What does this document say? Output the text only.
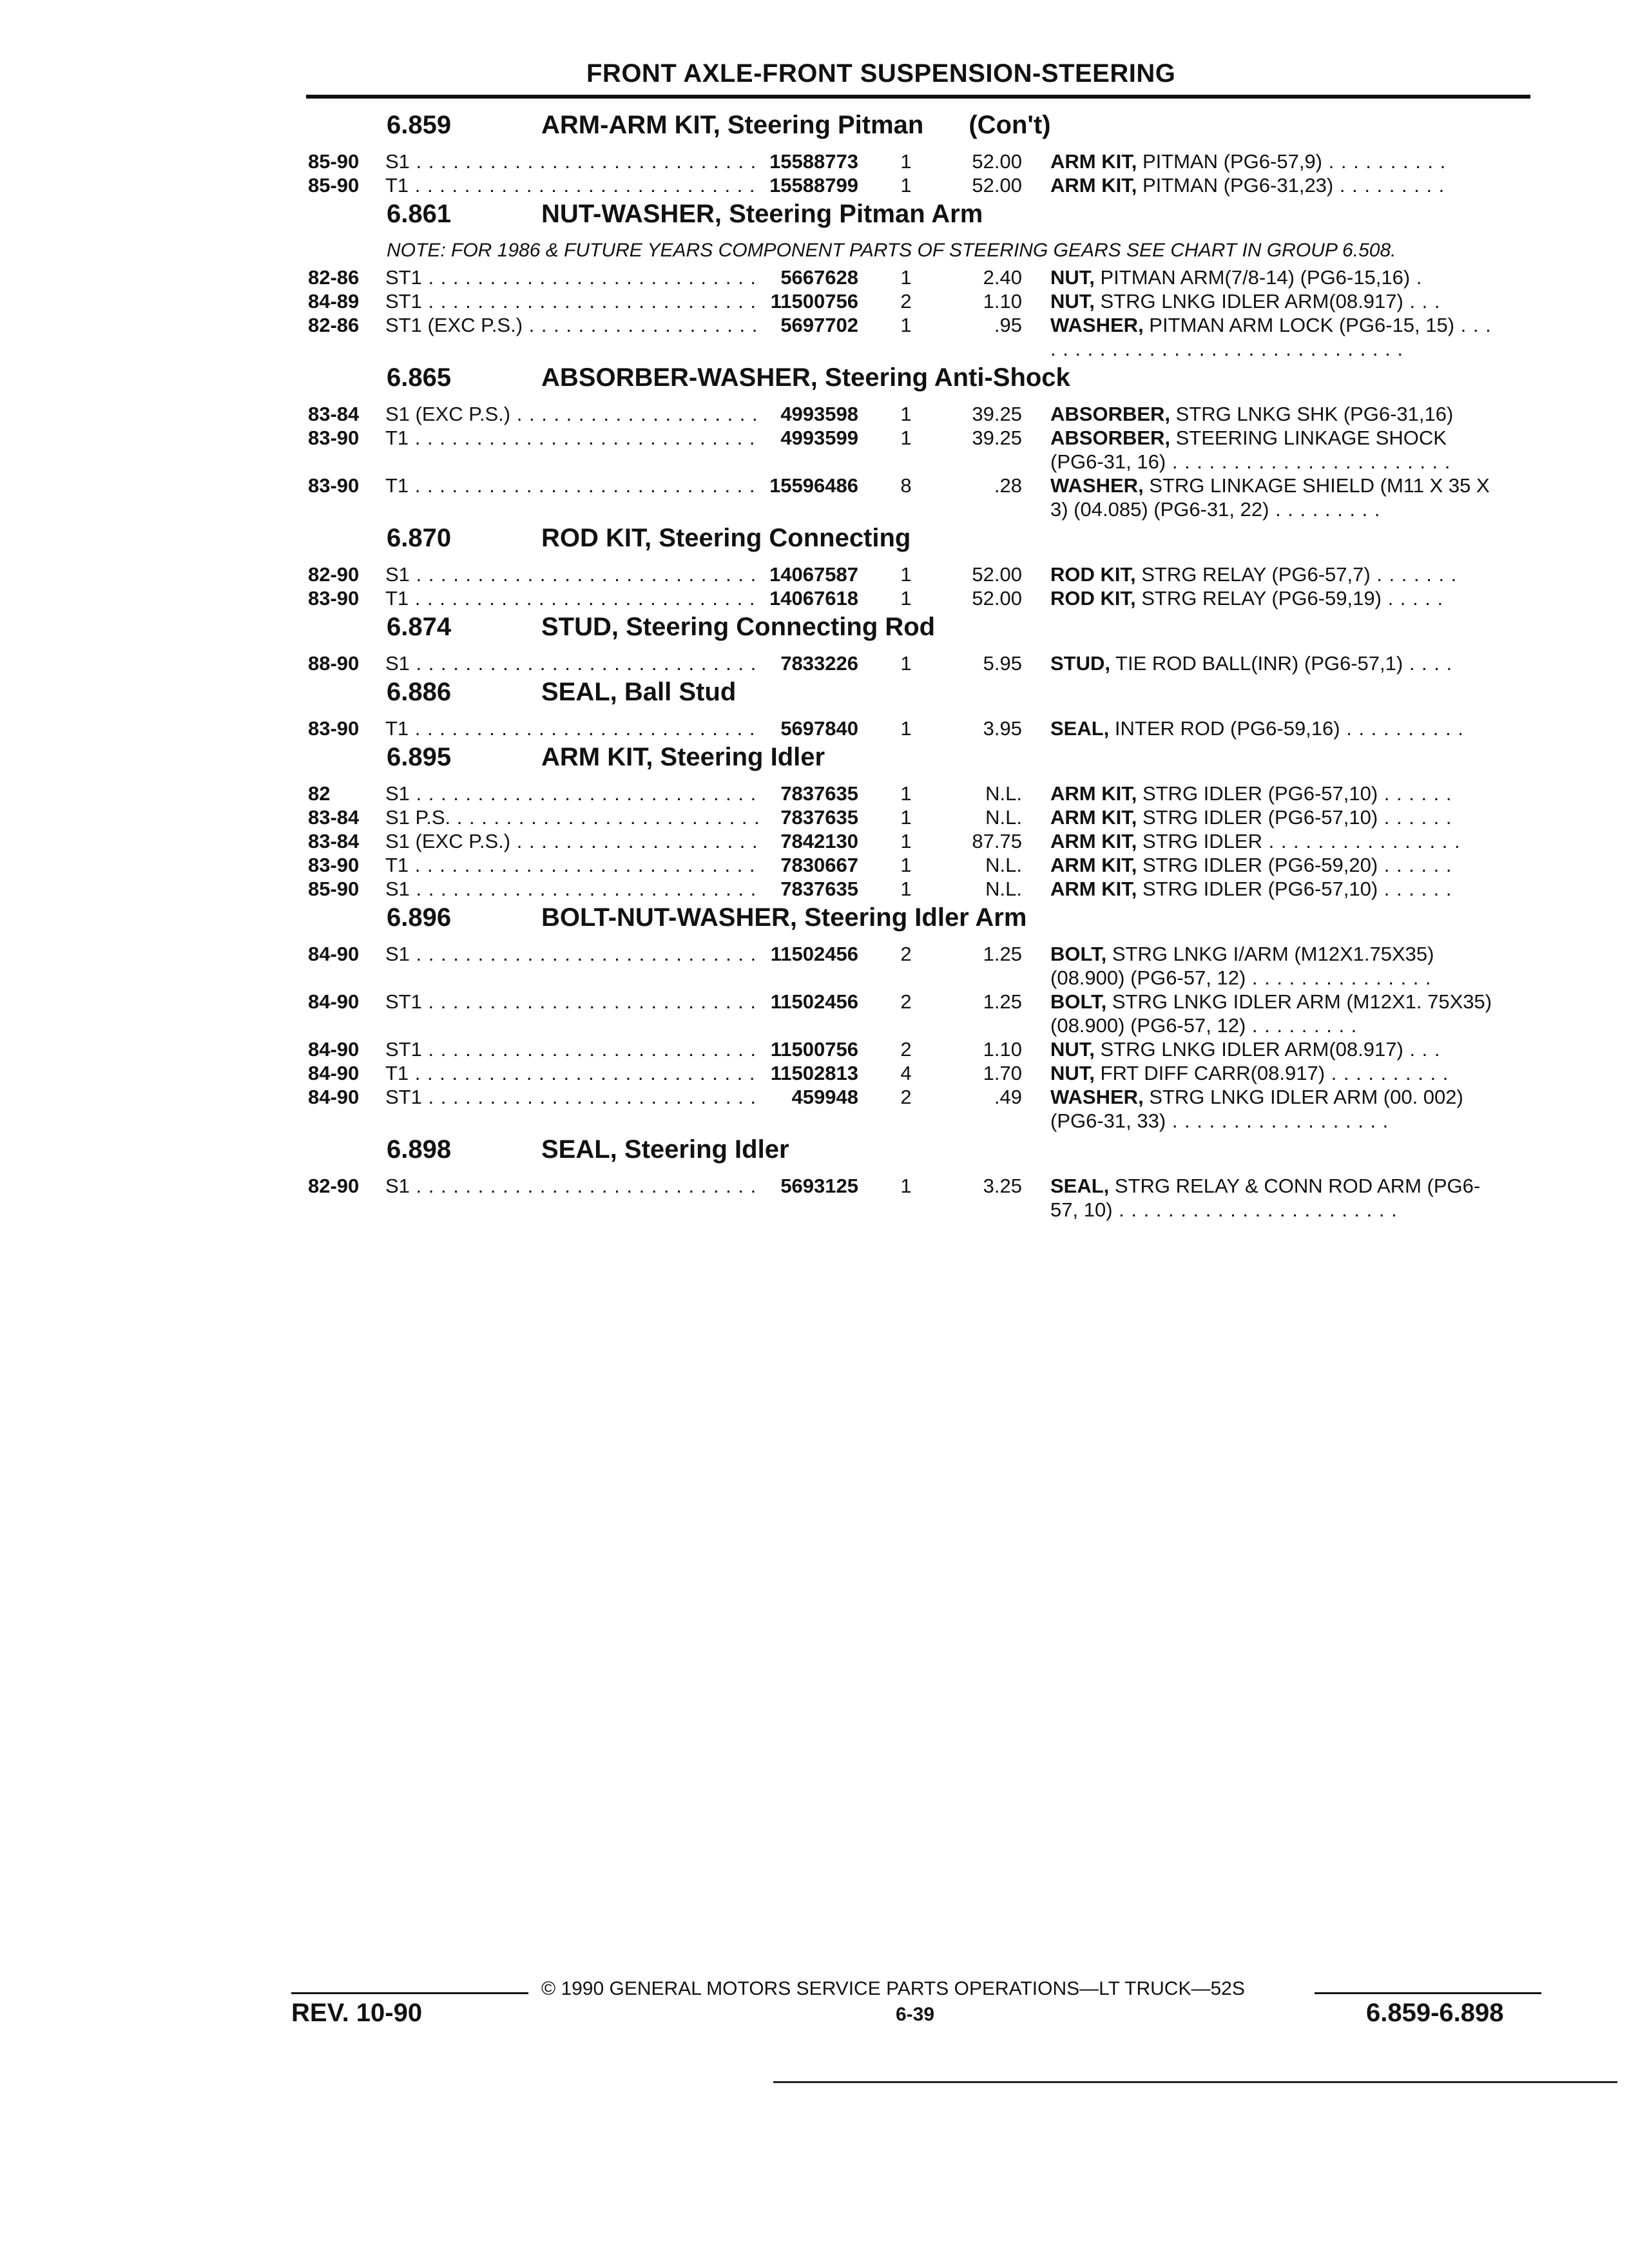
FRONT AXLE-FRONT SUSPENSION-STEERING
6.859	ARM-ARM KIT, Steering Pitman (Con't)
85-90	S1 . . .	15588773	1	52.00 ARM KIT, PITMAN (PG6-57,9) . . . . . . . . . .
85-90	T1 . . .	15588799	1	52.00 ARM KIT, PITMAN (PG6-31,23) . . . . . . . . .
6.861	NUT-WASHER, Steering Pitman Arm
NOTE: FOR 1986 & FUTURE YEARS COMPONENT PARTS OF STEERING GEARS SEE CHART IN GROUP 6.508.
82-86	ST1 . . .	5667628	1	2.40 NUT, PITMAN ARM(7/8-14) (PG6-15,16) .
84-89	ST1 . . .	11500756	2	1.10 NUT, STRG LNKG IDLER ARM(08.917) . . .
82-86	ST1 (EXC P.S.) . . .	5697702	1	.95 WASHER, PITMAN ARM LOCK (PG6-15, 15) . . . . . . . . . . . . . . . . . . . . . . . . . . . . . . . .
6.865	ABSORBER-WASHER, Steering Anti-Shock
83-84	S1 (EXC P.S.) . . .	4993598	1	39.25 ABSORBER, STRG LNKG SHK (PG6-31,16)
83-90	T1 . . .	4993599	1	39.25 ABSORBER, STEERING LINKAGE SHOCK (PG6-31, 16) . . . . . . . . . . . . . . . . . . . . . . .
83-90	T1 . . .	15596486	8	.28 WASHER, STRG LINKAGE SHIELD (M11 X 35 X 3) (04.085) (PG6-31, 22) . . . . . . . . .
6.870	ROD KIT, Steering Connecting
82-90	S1 . . .	14067587	1	52.00 ROD KIT, STRG RELAY (PG6-57,7) . . . . . . .
83-90	T1 . . .	14067618	1	52.00 ROD KIT, STRG RELAY (PG6-59,19) . . . . .
6.874	STUD, Steering Connecting Rod
88-90	S1 . . .	7833226	1	5.95 STUD, TIE ROD BALL(INR) (PG6-57,1) . . . .
6.886	SEAL, Ball Stud
83-90	T1 . . .	5697840	1	3.95 SEAL, INTER ROD (PG6-59,16) . . . . . . . . . .
6.895	ARM KIT, Steering Idler
82	S1 . . .	7837635	1	N.L. ARM KIT, STRG IDLER (PG6-57,10) . . . . . .
83-84	S1 P.S. . . .	7837635	1	N.L. ARM KIT, STRG IDLER (PG6-57,10) . . . . . .
83-84	S1 (EXC P.S.) . . .	7842130	1	87.75 ARM KIT, STRG IDLER . . . . . . . . . . . . . . . .
83-90	T1 . . .	7830667	1	N.L. ARM KIT, STRG IDLER (PG6-59,20) . . . . . .
85-90	S1 . . .	7837635	1	N.L. ARM KIT, STRG IDLER (PG6-57,10) . . . . . .
6.896	BOLT-NUT-WASHER, Steering Idler Arm
84-90	S1 . . .	11502456	2	1.25 BOLT, STRG LNKG I/ARM (M12X1.75X35) (08.900) (PG6-57, 12) . . . . . . . . . . . . . . .
84-90	ST1 . . .	11502456	2	1.25 BOLT, STRG LNKG IDLER ARM (M12X1. 75X35) (08.900) (PG6-57, 12) . . . . . . . . .
84-90	ST1 . . .	11500756	2	1.10 NUT, STRG LNKG IDLER ARM(08.917) . . .
84-90	T1 . . .	11502813	4	1.70 NUT, FRT DIFF CARR(08.917) . . . . . . . . . .
84-90	ST1 . . .	459948	2	.49 WASHER, STRG LNKG IDLER ARM (00. 002) (PG6-31, 33) . . . . . . . . . . . . . . . . . .
6.898	SEAL, Steering Idler
82-90	S1 . . .	5693125	1	3.25 SEAL, STRG RELAY & CONN ROD ARM (PG6-57, 10) . . . . . . . . . . . . . . . . . . . . . . .
© 1990 GENERAL MOTORS SERVICE PARTS OPERATIONS—LT TRUCK—52S
6-39
REV. 10-90	6.859-6.898
